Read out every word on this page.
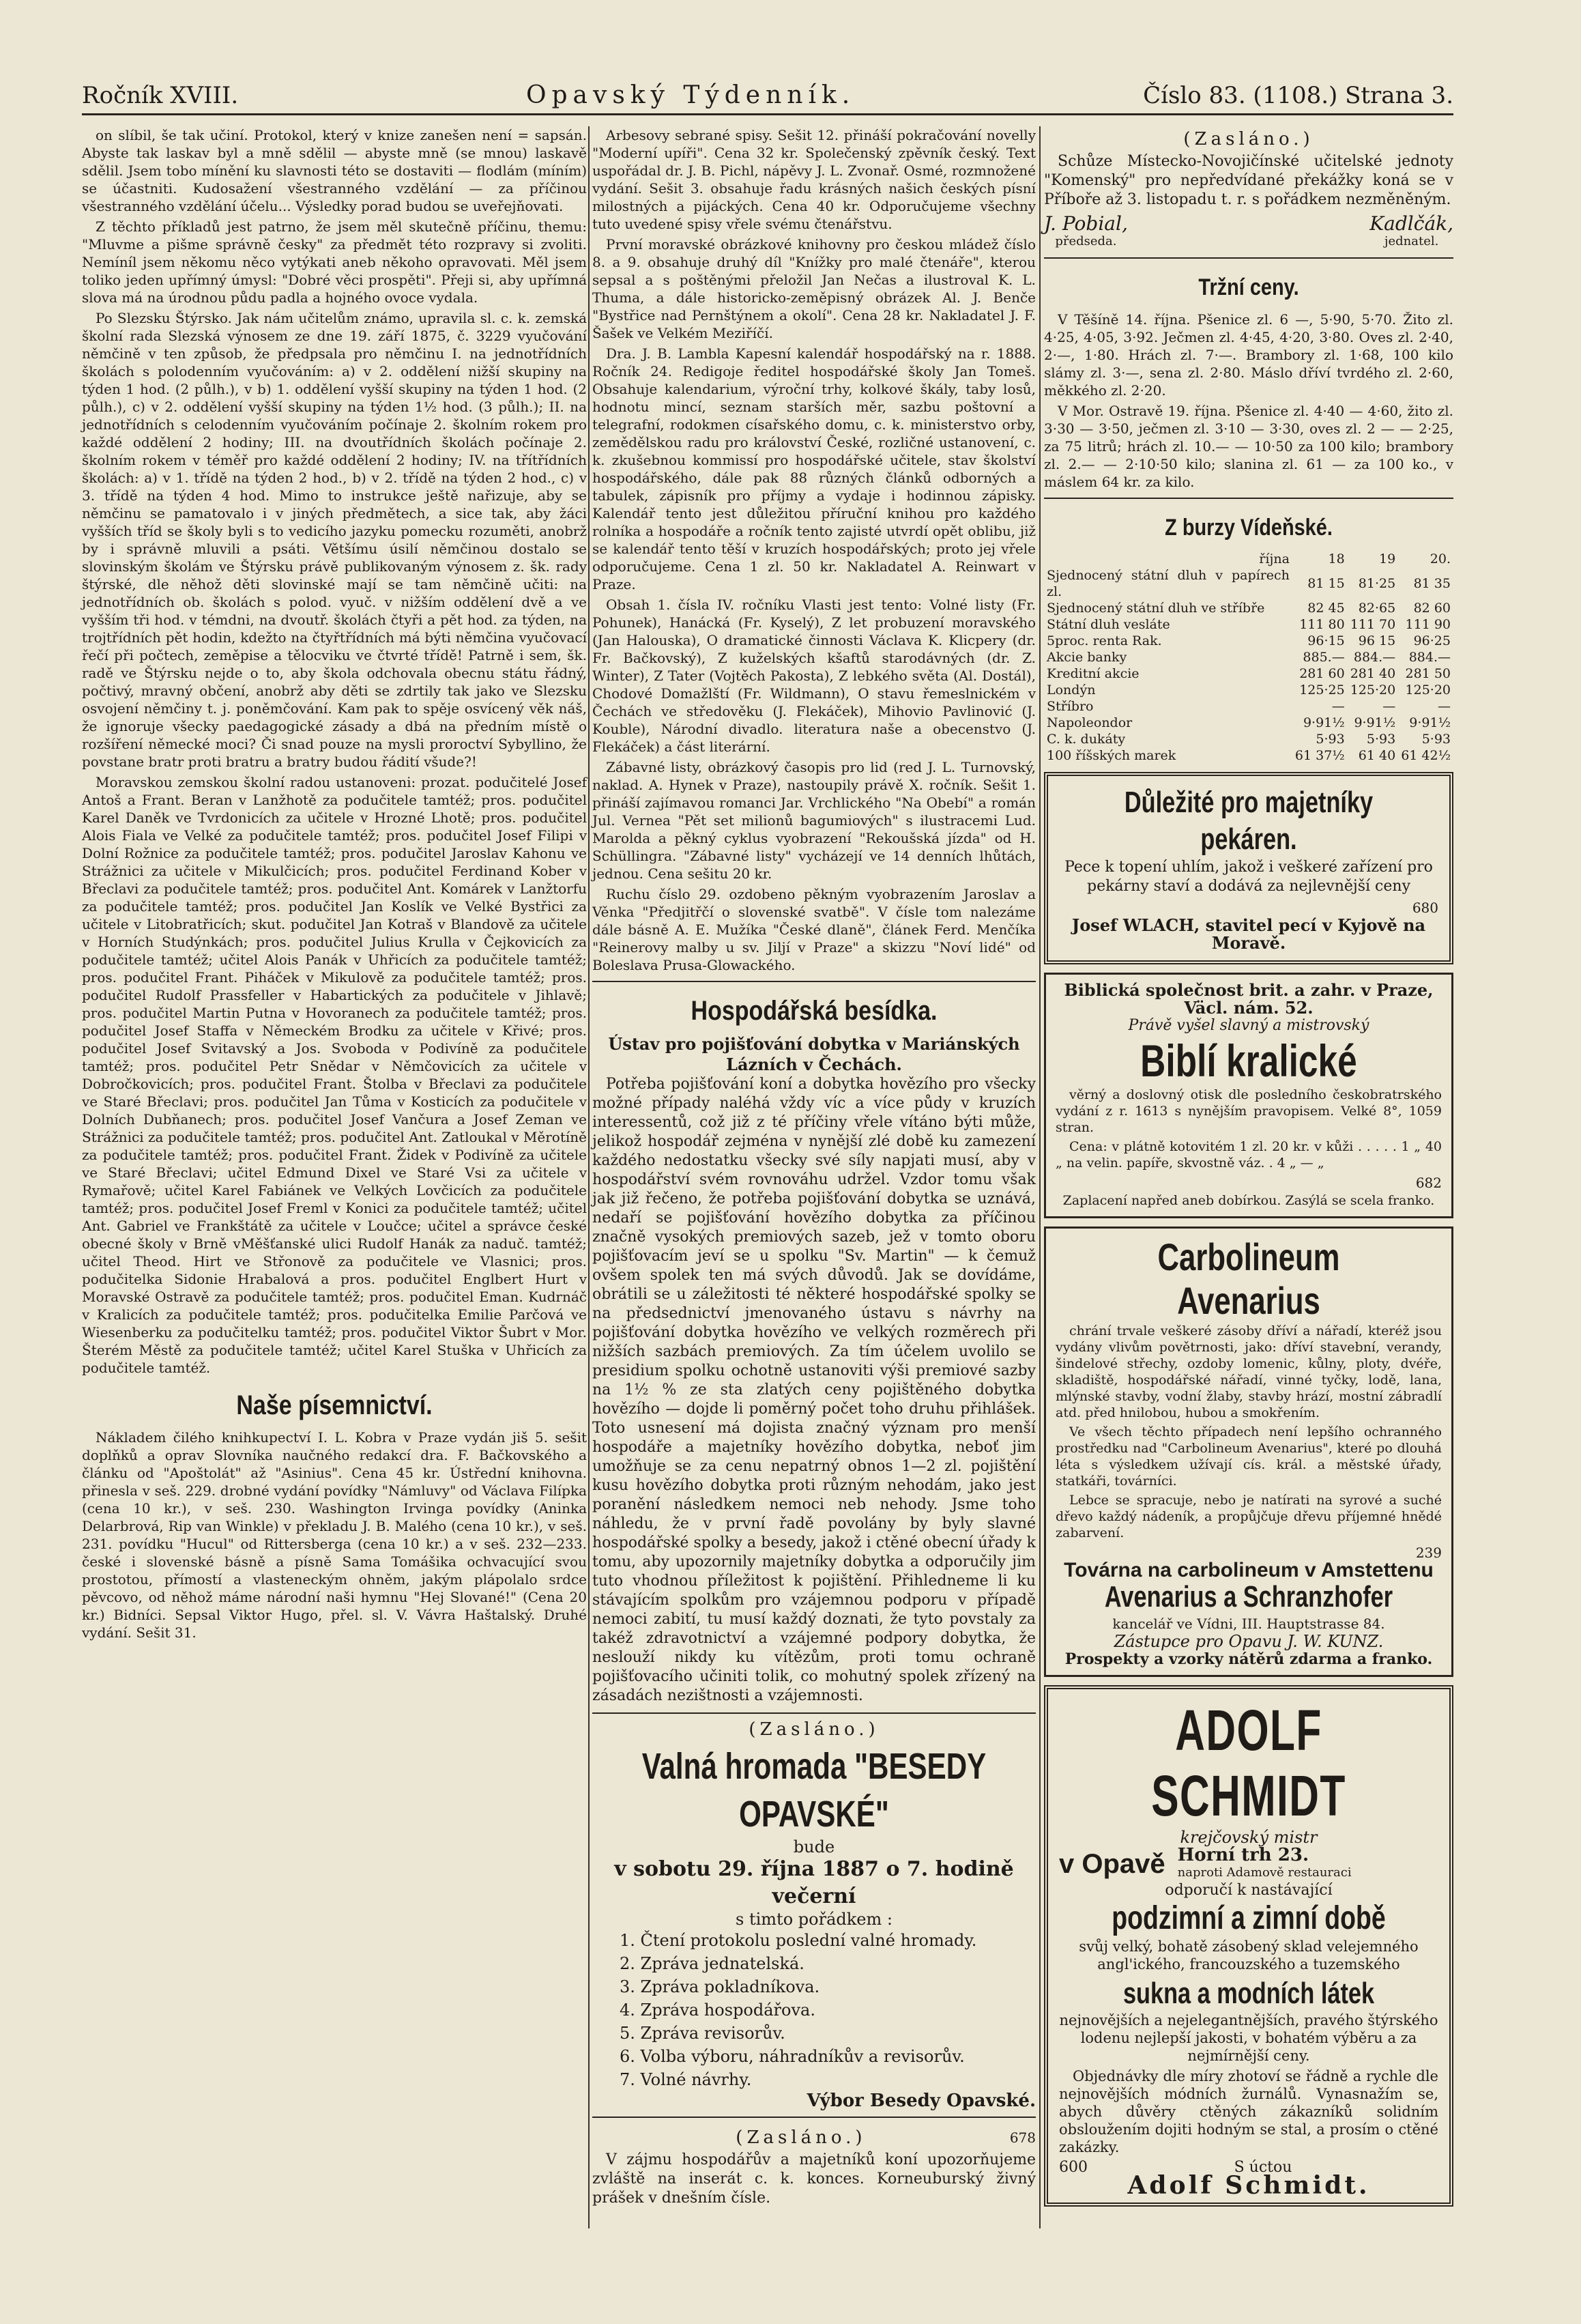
Ročník XVIII.	Opavský Týdenník.	Číslo 83. (1108.) Strana 3.

on slíbil, še tak učiní. Protokol, který v knize zanešen není = sapsán. Abyste tak laskav byl a mně sdělil — abyste mně (se mnou) laskavě sdělil. Jsem tobo mínění ku slavnosti této se dostaviti — flodlám (míním) se účastniti. Kudosažení všestranného vzdělání — za příčinou všestranného vzdělání účelu... Výsledky porad budou se uveřejňovati.

Z těchto příkladů jest patrno, že jsem měl skutečně příčinu, themu: "Mluvme a pišme správně česky" za předmět této rozpravy si zvoliti. Nemíníl jsem někomu něco vytýkati aneb někoho opravovati. Měl jsem toliko jeden upřímný úmysl: "Dobré věci prospěti". Přeji si, aby upřímná slova má na úrodnou půdu padla a hojného ovoce vydala.

Po Slezsku Štýrsko. Jak nám učitelům známo, upravila sl. c. k. zemská školní rada Slezská výnosem ze dne 19. září 1875, č. 3229 vyučování němčině v ten způsob, že předpsala pro němčinu I. na jednotřídních školách s polodenním vyučováním: a) v 2. oddělení nižší skupiny na týden 1 hod. (2 půlh.), v b) 1. oddělení vyšší skupiny na týden 1 hod. (2 půlh.), c) v 2. oddělení vyšší skupiny na týden 1½ hod. (3 půlh.); II. na jednotřídních s celodenním vyučováním počínaje 2. školním rokem pro každé oddělení 2 hodiny; III. na dvoutřídních školách počínaje 2. školním rokem v téměř pro každé oddělení 2 hodiny; IV. na třítřídních školách: a) v 1. třídě na týden 2 hod., b) v 2. třídě na týden 2 hod., c) v 3. třídě na týden 4 hod. Mimo to instrukce ještě nařizuje, aby se němčinu se pamatovalo i v jiných předmětech, a sice tak, aby žáci vyšších tříd se školy byli s to vedicího jazyku pomecku rozuměti, anobrž by i správně mluvili a psáti. Většímu úsilí němčinou dostalo se slovinským školám ve Štýrsku právě publikovaným výnosem z. šk. rady štýrské, dle něhož děti slovinské mají se tam němčině učiti: na jednotřídních ob. školách s polod. vyuč. v nižším oddělení dvě a ve vyšším tři hod. v témdni, na dvoutř. školách čtyři a pět hod. za týden, na trojtřídních pět hodin, kdežto na čtyřtřídních má býti němčina vyučovací řečí při počtech, zeměpise a tělocviku ve čtvrté třídě! Patrně i sem, šk. radě ve Štýrsku nejde o to, aby škola odchovala obecnu státu řádný, počtivý, mravný občení, anobrž aby děti se zdrtily tak jako ve Slezsku osvojení němčiny t. j. poněmčování. Kam pak to spěje osvícený věk náš, že ignoruje všecky paedagogické zásady a dbá na předním místě o rozšíření německé moci? Či snad pouze na mysli proroctví Sybyllino, že povstane bratr proti bratru a bratry budou řádití všude?!

Moravskou zemskou školní radou ustanoveni: prozat. podučitelé Josef Antoš a Frant. Beran v Lanžhotě za podučitele tamtéž; pros. podučitel Karel Daněk ve Tvrdonicích za učitele v Hrozné Lhotě; pros. podučitel Alois Fiala ve Velké za podučitele tamtéž; pros. podučitel Josef Filipi v Dolní Rožnice za podučitele tamtéž; pros. podučitel Jaroslav Kahonu ve Strážnici za učitele v Mikulčicích; pros. podučitel Ferdinand Kober v Břeclavi za podučitele tamtéž; pros. podučitel Ant. Komárek v Lanžtorfu za podučitele tamtéž; pros. podučitel Jan Koslík ve Velké Bystřici za učitele v Litobratřicích; skut. podučitel Jan Kotraš v Blandově za učitele v Horních Studýnkách; pros. podučitel Julius Krulla v Čejkovicích za podučitele tamtéž; učitel Alois Panák v Uhřicích za podučitele tamtéž; pros. podučitel Frant. Piháček v Mikulově za podučitele tamtéž; pros. podučitel Rudolf Prassfeller v Habartických za podučitele v Jihlavě; pros. podučitel Martin Putna v Hovoranech za podučitele tamtéž; pros. podučitel Josef Staffa v Německém Brodku za učitele v Křivé; pros. podučitel Josef Svitavský a Jos. Svoboda v Podivíně za podučitele tamtéž; pros. podučitel Petr Snědar v Němčovicích za učitele v Dobročkovicích; pros. podučitel Frant. Štolba v Břeclavi za podučitele ve Staré Břeclavi; pros. podučitel Jan Tůma v Kosticích za podučitele v Dolních Dubňanech; pros. podučitel Josef Vančura a Josef Zeman ve Strážnici za podučitele tamtéž; pros. podučitel Ant. Zatloukal v Měrotíně za podučitele tamtéž; pros. podučitel Frant. Židek v Podivíně za učitele ve Staré Břeclavi; učitel Edmund Dixel ve Staré Vsi za učitele v Rymařově; učitel Karel Fabiánek ve Velkých Lovčicích za podučitele tamtéž; pros. podučitel Josef Freml v Konici za podučitele tamtéž; učitel Ant. Gabriel ve Frankštátě za učitele v Loučce; učitel a správce české obecné školy v Brně vMěšťanské ulici Rudolf Hanák za naduč. tamtéž; učitel Theod. Hirt ve Střonově za podučitele ve Vlasnici; pros. podučitelka Sidonie Hrabalová a pros. podučitel Englbert Hurt v Moravské Ostravě za podučitele tamtéž; pros. podučitel Eman. Kudrnáč v Kralicích za podučitele tamtéž; pros. podučitelka Emilie Parčová ve Wiesenberku za podučitelku tamtéž; pros. podučitel Viktor Šubrt v Mor. Šterém Městě za podučitele tamtéž; učitel Karel Stuška v Uhřicích za podučitele tamtéž.

Naše písemnictví.

Nákladem čilého knihkupectví I. L. Kobra v Praze vydán jiš 5. sešit doplňků a oprav Slovníka naučného redakcí dra. F. Bačkovského a článku od "Apoštolát" až "Asinius". Cena 45 kr. Ústřední knihovna. přinesla v seš. 229. drobné vydání povídky "Námluvy" od Václava Filípka (cena 10 kr.), v seš. 230. Washington Irvinga povídky (Aninka Delarbrová, Rip van Winkle) v překladu J. B. Malého (cena 10 kr.), v seš. 231. povídku "Hucul" od Rittersberga (cena 10 kr.) a v seš. 232—233. české i slovenské básně a písně Sama Tomášika ochvacující svou prostotou, přímostí a vlasteneckým ohněm, jakým plápolalo srdce pěvcovo, od něhož máme národní naši hymnu "Hej Slované!" (Cena 20 kr.) Bidníci. Sepsal Viktor Hugo, přel. sl. V. Vávra Haštalský. Druhé vydání. Sešit 31.

Arbesovy sebrané spisy. Sešit 12. přináší pokračování novelly "Moderní upíři". Cena 32 kr. Společenský zpěvník český. Text uspořádal dr. J. B. Pichl, nápěvy J. L. Zvonař. Osmé, rozmnožené vydání. Sešit 3. obsahuje řadu krásných našich českých písní milostných a pijáckých. Cena 40 kr. Odporučujeme všechny tuto uvedené spisy vřele svému čtenářstvu.

První moravské obrázkové knihovny pro českou mládež číslo 8. a 9. obsahuje druhý díl "Knížky pro malé čtenáře", kterou sepsal a s poštěnými přeložil Jan Nečas a ilustroval K. L. Thuma, a dále historicko-zeměpisný obrázek Al. J. Benče "Bystřice nad Pernštýnem a okolí". Cena 28 kr. Nakladatel J. F. Šašek ve Velkém Meziříčí.

Dra. J. B. Lambla Kapesní kalendář hospodářský na r. 1888. Ročník 24. Redigoje ředitel hospodářské školy Jan Tomeš. Obsahuje kalendarium, výroční trhy, kolkové škály, taby losů, hodnotu mincí, seznam starších měr, sazbu poštovní a telegrafní, rodokmen císařského domu, c. k. ministerstvo orby, zemědělskou radu pro království České, rozličné ustanovení, c. k. zkušebnou kommissí pro hospodářské učitele, stav školství hospodářského, dále pak 88 různých článků odborných a tabulek, zápisník pro příjmy a vydaje i hodinnou zápisky. Kalendář tento jest důležitou příruční knihou pro každého rolníka a hospodáře a ročník tento zajisté utvrdí opět oblibu, již se kalendář tento těší v kruzích hospodářských; proto jej vřele odporučujeme. Cena 1 zl. 50 kr. Nakladatel A. Reinwart v Praze.

Obsah 1. čísla IV. ročníku Vlasti jest tento: Volné listy (Fr. Pohunek), Hanácká (Fr. Kyselý), Z let probuzení moravského (Jan Halouska), O dramatické činnosti Václava K. Klicpery (dr. Fr. Bačkovský), Z kuželských kšaftů starodávných (dr. Z. Winter), Z Tater (Vojtěch Pakosta), Z lebkého světa (Al. Dostál), Chodové Domažlští (Fr. Wildmann), O stavu řemeslnickém v Čechách ve středověku (J. Flekáček), Mihovio Pavlinović (J. Kouble), Národní divadlo. literatura naše a obecenstvo (J. Flekáček) a část literární.

Zábavné listy, obrázkový časopis pro lid (red J. L. Turnovský, naklad. A. Hynek v Praze), nastoupily právě X. ročník. Sešit 1. přináší zajímavou romanci Jar. Vrchlického "Na Obebí" a román Jul. Vernea "Pět set milionů bagumiových" s ilustracemi Lud. Marolda a pěkný cyklus vyobrazení "Rekoušská jízda" od H. Schüllingra. "Zábavné listy" vycházejí ve 14 denních lhůtách, jednou. Cena sešitu 20 kr.

Ruchu číslo 29. ozdobeno pěkným vyobrazením Jaroslav a Věnka "Předjitřčí o slovenské svatbě". V čísle tom nalezáme dále básně A. E. Mužíka "České dlaně", článek Ferd. Menčíka "Reinerovy malby u sv. Jiljí v Praze" a skizzu "Noví lidé" od Boleslava Prusa-Glowackého.

Hospodářská besídka.
Ústav pro pojišťování dobytka v Mariánských Lázních v Čechách.

Potřeba pojišťování koní a dobytka hovězího pro všecky možné případy naléhá vždy víc a více půdy v kruzích interessentů, což již z té příčiny vřele vítáno býti může, jelikož hospodář zejména v nynější zlé době ku zamezení každého nedostatku všecky své síly napjati musí, aby v hospodářství svém rovnováhu udržel. Vzdor tomu však jak již řečeno, že potřeba pojišťování dobytka se uznává, nedaří se pojišťování hovězího dobytka za příčinou značně vysokých premiových sazeb, jež v tomto oboru pojišťovacím jeví se u spolku "Sv. Martin" — k čemuž ovšem spolek ten má svých důvodů. Jak se dovídáme, obrátili se u záležitosti té některé hospodářské spolky se na předsednictví jmenovaného ústavu s návrhy na pojišťování dobytka hovězího ve velkých rozměrech při nižších sazbách premiových. Za tím účelem uvolilo se presidium spolku ochotně ustanoviti výši premiové sazby na 1½ % ze sta zlatých ceny pojištěného dobytka hovězího — dojde li poměrný počet toho druhu přihlášek. Toto usnesení má dojista značný význam pro menší hospodáře a majetníky hovězího dobytka, neboť jim umožňuje se za cenu nepatrný obnos 1—2 zl. pojištění kusu hovězího dobytka proti různým nehodám, jako jest poranění následkem nemoci neb nehody. Jsme toho náhledu, že v první řadě povolány by byly slavné hospodářské spolky a besedy, jakož i ctěné obecní úřady k tomu, aby upozornily majetníky dobytka a odporučily jim tuto vhodnou příležitost k pojištění. Přihledneme li ku stávajícím spolkům pro vzájemnou podporu v případě nemoci zabití, tu musí každý doznati, že tyto povstaly za takéž zdravotnictví a vzájemné podpory dobytka, že neslouží nikdy ku vítězům, proti tomu ochraně pojišťovacího učiniti tolik, co mohutný spolek zřízený na zásadách nezištnosti a vzájemnosti.

(Zasláno.)
Valná hromada "BESEDY OPAVSKÉ"
bude
v sobotu 29. října 1887 o 7. hodině večerní
s timto pořádkem :
1. Čtení protokolu poslední valné hromady.
2. Zpráva jednatelská.
3. Zpráva pokladníkova.
4. Zpráva hospodářova.
5. Zpráva revisorův.
6. Volba výboru, náhradníkův a revisorův.
7. Volné návrhy.
Výbor Besedy Opavské.
(Zasláno.)	678

V zájmu hospodářův a majetníků koní upozorňujeme zvláště na inserát c. k. konces. Korneuburský živný prášek v dnešním čísle.

(Zasláno.)

Schůze Místecko-Novojičínské učitelské jednoty "Komenský" pro nepředvídané překážky koná se v Příboře až 3. listopadu t. r. s pořádkem nezměněným.

J. Pobial,
předseda.
Kadlčák,
jednatel.
Tržní ceny.

V Těšíně 14. října. Pšenice zl. 6 —, 5·90, 5·70. Žito zl. 4·25, 4·05, 3·92. Ječmen zl. 4·45, 4·20, 3·80. Oves zl. 2·40, 2·—, 1·80. Hrách zl. 7·—. Brambory zl. 1·68, 100 kilo slámy zl. 3·—, sena zl. 2·80. Máslo dříví tvrdého zl. 2·60, měkkého zl. 2·20.

V Mor. Ostravě 19. října. Pšenice zl. 4·40 — 4·60, žito zl. 3·30 — 3·50, ječmen zl. 3·10 — 3·30, oves zl. 2 — — 2·25, za 75 litrů; hrách zl. 10.— — 10·50 za 100 kilo; brambory zl. 2.— — 2·10·50 kilo; slanina zl. 61 — za 100 ko., v máslem 64 kr. za kilo.

Z burzy Vídeňské.
října	18	19	20.
Sjednocený státní dluh v papírech zl.	81 15	81·25	81 35
Sjednocený státní dluh ve stříbře	82 45	82·65	82 60
Státní dluh vesláte	111 80	111 70	111 90
5proc. renta Rak.	96·15	96 15	96·25
Akcie banky	885.—	884.—	884.—
Kreditní akcie	281 60	281 40	281 50
Londýn	125·25	125·20	125·20
Stříbro	—	—	—
Napoleondor	9·91½	9·91½	9·91½
C. k. dukáty	5·93	5·93	5·93
100 říšských marek	61 37½	61 40	61 42½
Důležité pro majetníky pekáren.

Pece k topení uhlím, jakož i veškeré zařízení pro pekárny staví a dodává za nejlevnější ceny

680
Josef WLACH, stavitel pecí v Kyjově na Moravě.
Biblická společnost brit. a zahr. v Praze, Väcl. nám. 52.
Právě vyšel slavný a mistrovský
Biblí kralické

věrný a doslovný otisk dle posledního českobratrského vydání z r. 1613 s nynějším pravopisem. Velké 8°, 1059 stran.

Cena: v plátně kotovitém 1 zl. 20 kr. v kůži . . . . . 1 „ 40 „ na velin. papíře, skvostně váz. . 4 „ — „

682
Zaplacení napřed aneb dobírkou. Zasýlá se scela franko.
Carbolineum Avenarius

chrání trvale veškeré zásoby dříví a nářadí, kteréž jsou vydány vlivům povětrnosti, jako: dříví stavební, verandy, šindelové střechy, ozdoby lomenic, kůlny, ploty, dvéře, skladiště, hospodářské nářadí, vinné tyčky, lodě, lana, mlýnské stavby, vodní žlaby, stavby hrází, mostní zábradlí atd. před hnilobou, hubou a smokřením.

Ve všech těchto případech není lepšího ochranného prostředku nad "Carbolineum Avenarius", které po dlouhá léta s výsledkem užívají cís. král. a městské úřady, statkáři, továrníci.

Lebce se spracuje, nebo je natírati na syrové a suché dřevo každý nádeník, a propůjčuje dřevu příjemné hnědé zabarvení.

239
Továrna na carbolineum v Amstettenu
Avenarius a Schranzhofer
kancelář ve Vídni, III. Hauptstrasse 84.
Zástupce pro Opavu J. W. KUNZ.
Prospekty a vzorky nátěrů zdarma a franko.
ADOLF SCHMIDT
krejčovský mistr
v Opavě Horní trh 23.
naproti Adamově restauraci
odporučí k nastávající
podzimní a zimní době

svůj velký, bohatě zásobený sklad velejemného angl'ického, francouzského a tuzemského

sukna a modních látek

nejnovějších a nejelegantnějších, pravého štýrského lodenu nejlepší jakosti, v bohatém výběru a za nejmírnější ceny.

Objednávky dle míry zhotoví se řádně a rychle dle nejnovějších módních žurnálů. Vynasnažím se, abych důvěry ctěných zákazníků solidním obsloužením dojiti hodným se stal, a prosím o ctěné zakázky.

600	S úctou
Adolf Schmidt.
